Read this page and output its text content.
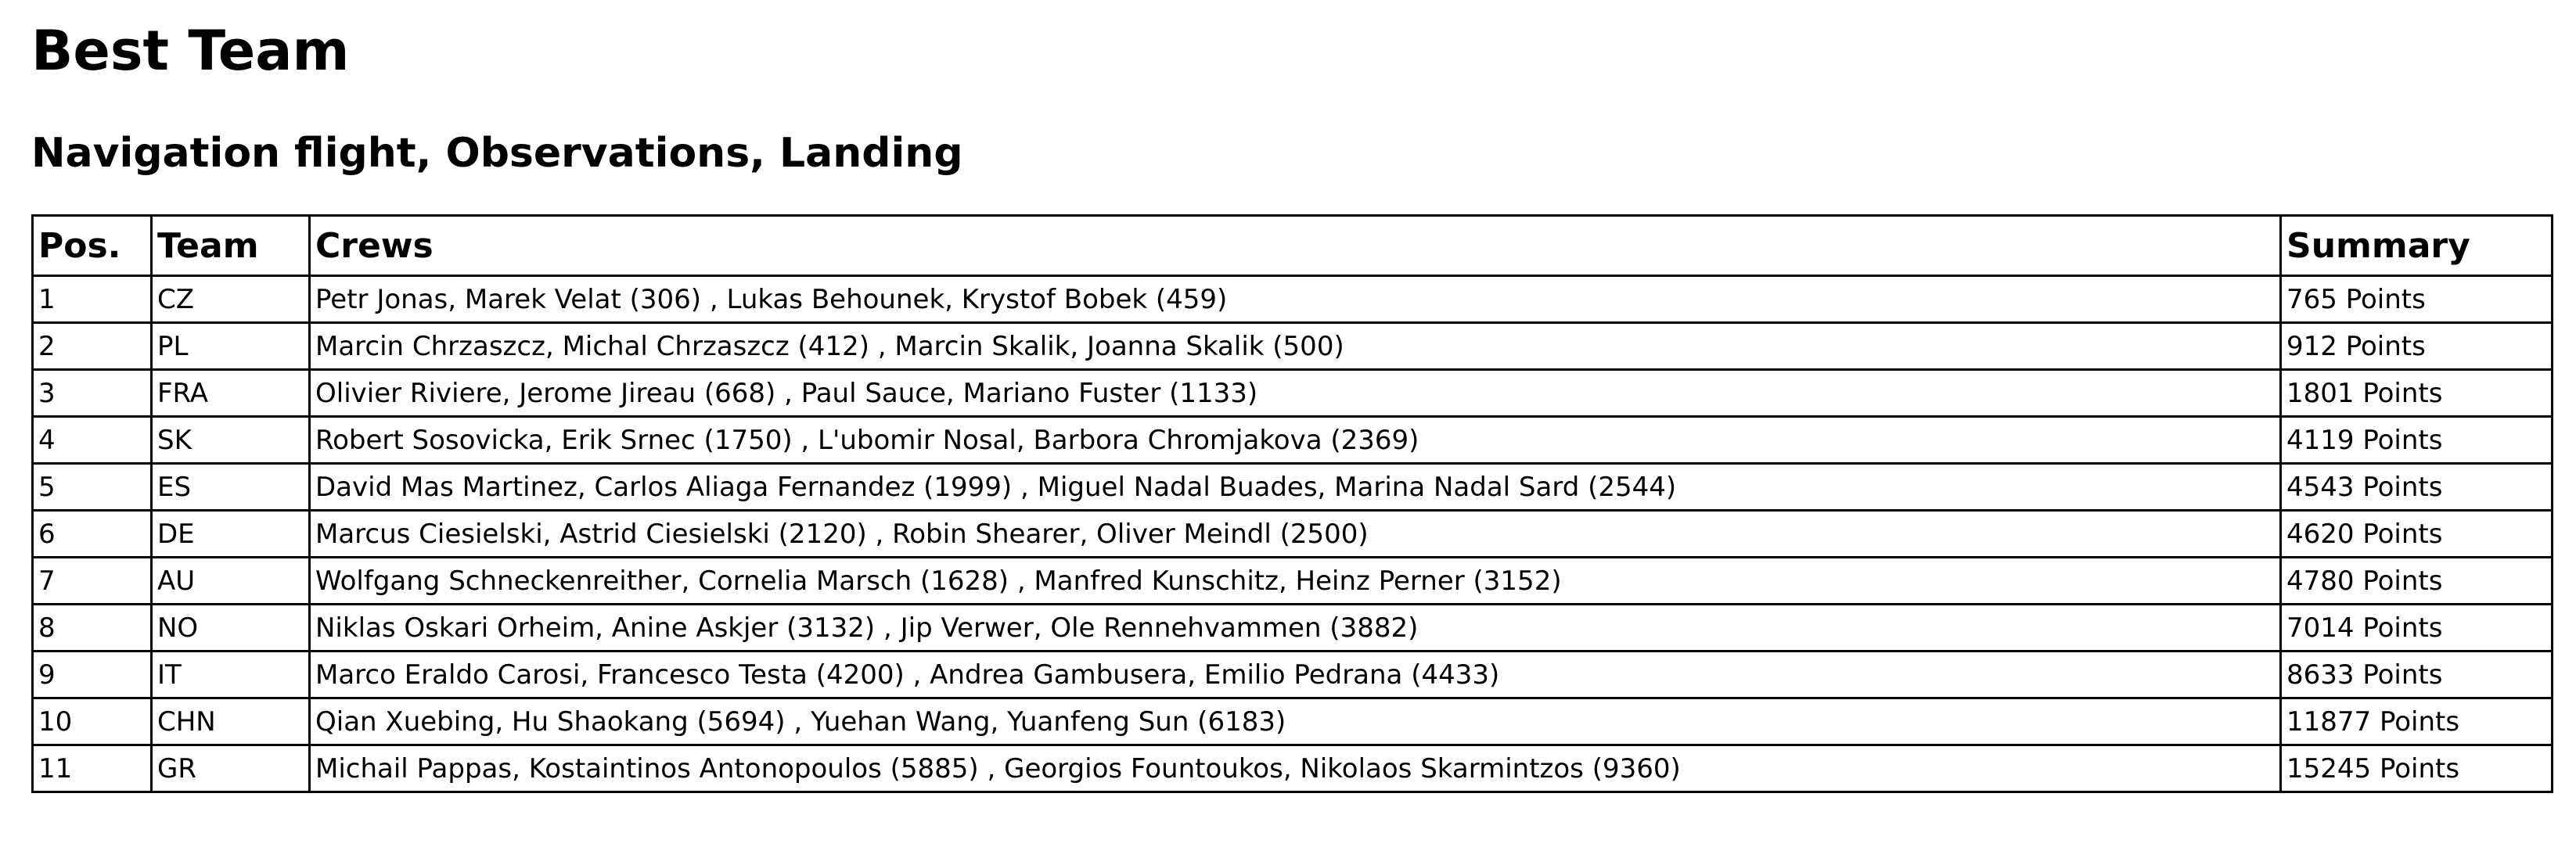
Best Team
Navigation flight, Observations, Landing
Pos.	Team	Crews	Summary
1	CZ	Petr Jonas, Marek Velat (306) , Lukas Behounek, Krystof Bobek (459)	765 Points
2	PL	Marcin Chrzaszcz, Michal Chrzaszcz (412) , Marcin Skalik, Joanna Skalik (500)	912 Points
3	FRA	Olivier Riviere, Jerome Jireau (668) , Paul Sauce, Mariano Fuster (1133)	1801 Points
4	SK	Robert Sosovicka, Erik Srnec (1750) , L'ubomir Nosal, Barbora Chromjakova (2369)	4119 Points
5	ES	David Mas Martinez, Carlos Aliaga Fernandez (1999) , Miguel Nadal Buades, Marina Nadal Sard (2544)	4543 Points
6	DE	Marcus Ciesielski, Astrid Ciesielski (2120) , Robin Shearer, Oliver Meindl (2500)	4620 Points
7	AU	Wolfgang Schneckenreither, Cornelia Marsch (1628) , Manfred Kunschitz, Heinz Perner (3152)	4780 Points
8	NO	Niklas Oskari Orheim, Anine Askjer (3132) , Jip Verwer, Ole Rennehvammen (3882)	7014 Points
9	IT	Marco Eraldo Carosi, Francesco Testa (4200) , Andrea Gambusera, Emilio Pedrana (4433)	8633 Points
10	CHN	Qian Xuebing, Hu Shaokang (5694) , Yuehan Wang, Yuanfeng Sun (6183)	11877 Points
11	GR	Michail Pappas, Kostaintinos Antonopoulos (5885) , Georgios Fountoukos, Nikolaos Skarmintzos (9360)	15245 Points
